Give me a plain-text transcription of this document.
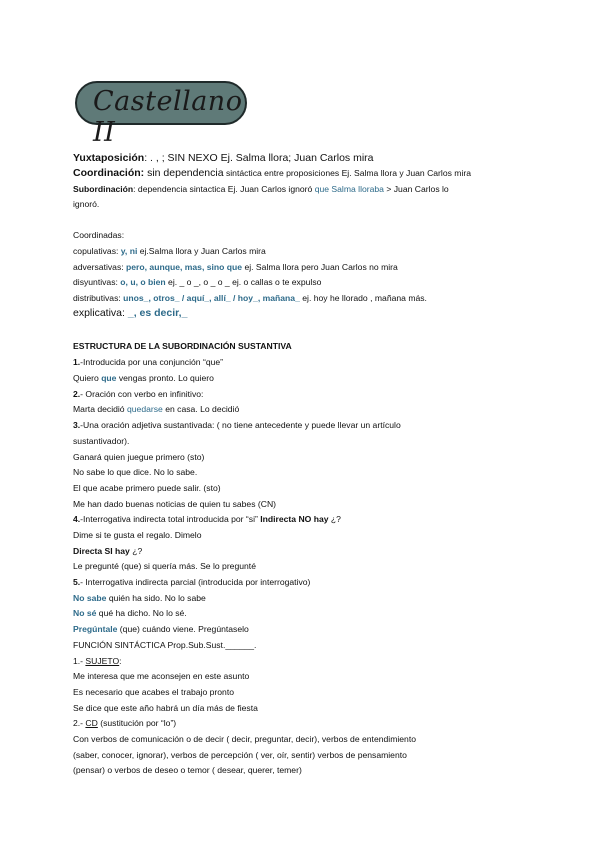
Castellano II
Yuxtaposición: . , ; SIN NEXO Ej. Salma llora; Juan Carlos mira
Coordinación: sin dependencia sintáctica entre proposiciones Ej. Salma llora y Juan Carlos mira
Subordinación: dependencia sintactica Ej. Juan Carlos ignoró que Salma lloraba > Juan Carlos lo
ignoró.
Coordinadas:
copulativas: y, ni ej.Salma llora y Juan Carlos mira
adversativas: pero, aunque, mas, sino que ej. Salma llora pero Juan Carlos no mira
disyuntivas: o, u, o bien ej. _ o _, o _ o _ ej. o callas o te expulso
distributivas: unos_, otros_ / aquí_, allí_ / hoy_, mañana_ ej. hoy he llorado , mañana más.
explicativa: _, es decir,_
ESTRUCTURA DE LA SUBORDINACIÓN SUSTANTIVA
1.-Introducida por una conjunción “que”
Quiero que vengas pronto. Lo quiero
2.- Oración con verbo en infinitivo:
Marta decidió quedarse en casa. Lo decidió
3.-Una oración adjetiva sustantivada: ( no tiene antecedente y puede llevar un artículo
sustantivador).
Ganará quien juegue primero (sto)
No sabe lo que dice. No lo sabe.
El que acabe primero puede salir. (sto)
Me han dado buenas noticias de quien tu sabes (CN)
4.-Interrogativa indirecta total introducida por “si” Indirecta NO hay ¿?
Dime si te gusta el regalo. Dimelo
Directa SI hay ¿?
Le pregunté (que) si quería más. Se lo pregunté
5.- Interrogativa indirecta parcial (introducida por interrogativo)
No sabe quién ha sido. No lo sabe
No sé qué ha dicho. No lo sé.
Pregúntale (que) cuándo viene. Pregúntaselo
FUNCIÓN SINTÁCTICA Prop.Sub.Sust.______.
1.- SUJETO:
Me interesa que me aconsejen en este asunto
Es necesario que acabes el trabajo pronto
Se dice que este año habrá un día más de fiesta
2.- CD (sustitución por “lo”)
Con verbos de comunicación o de decir ( decir, preguntar, decir), verbos de entendimiento
(saber, conocer, ignorar), verbos de percepción ( ver, oír, sentir) verbos de pensamiento
(pensar) o verbos de deseo o temor ( desear, querer, temer)
